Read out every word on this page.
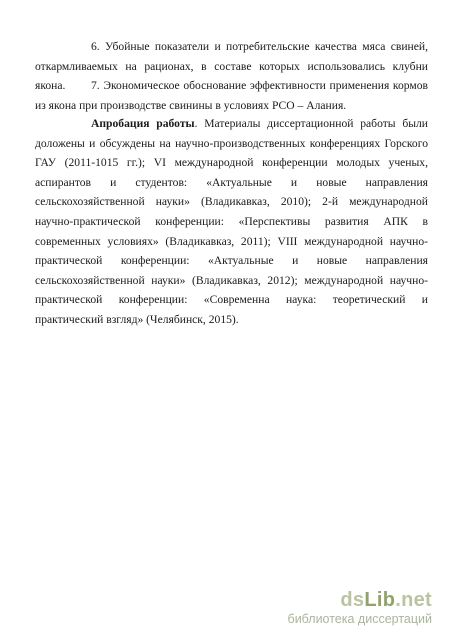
6. Убойные показатели и потребительские качества мяса свиней, откармливаемых на рационах, в составе которых использовались клубни якона.	7. Экономическое обоснование эффективности применения кормов из якона при производстве свинины в условиях РСО – Алания.

Апробация работы. Материалы диссертационной работы были доложены и обсуждены на научно-производственных конференциях Горского ГАУ (2011-1015 гг.); VI международной конференции молодых ученых, аспирантов и студентов: «Актуальные и новые направления сельскохозяйственной науки» (Владикавказ, 2010); 2-й международной научно-практической конференции: «Перспективы развития АПК в современных условиях» (Владикавказ, 2011); VIII международной научно-практической конференции: «Актуальные и новые направления сельскохозяйственной науки» (Владикавказ, 2012); международной научно-практической конференции: «Современна наука: теоретический и практический взгляд» (Челябинск, 2015).

dsLib.net
библиотека диссертаций
